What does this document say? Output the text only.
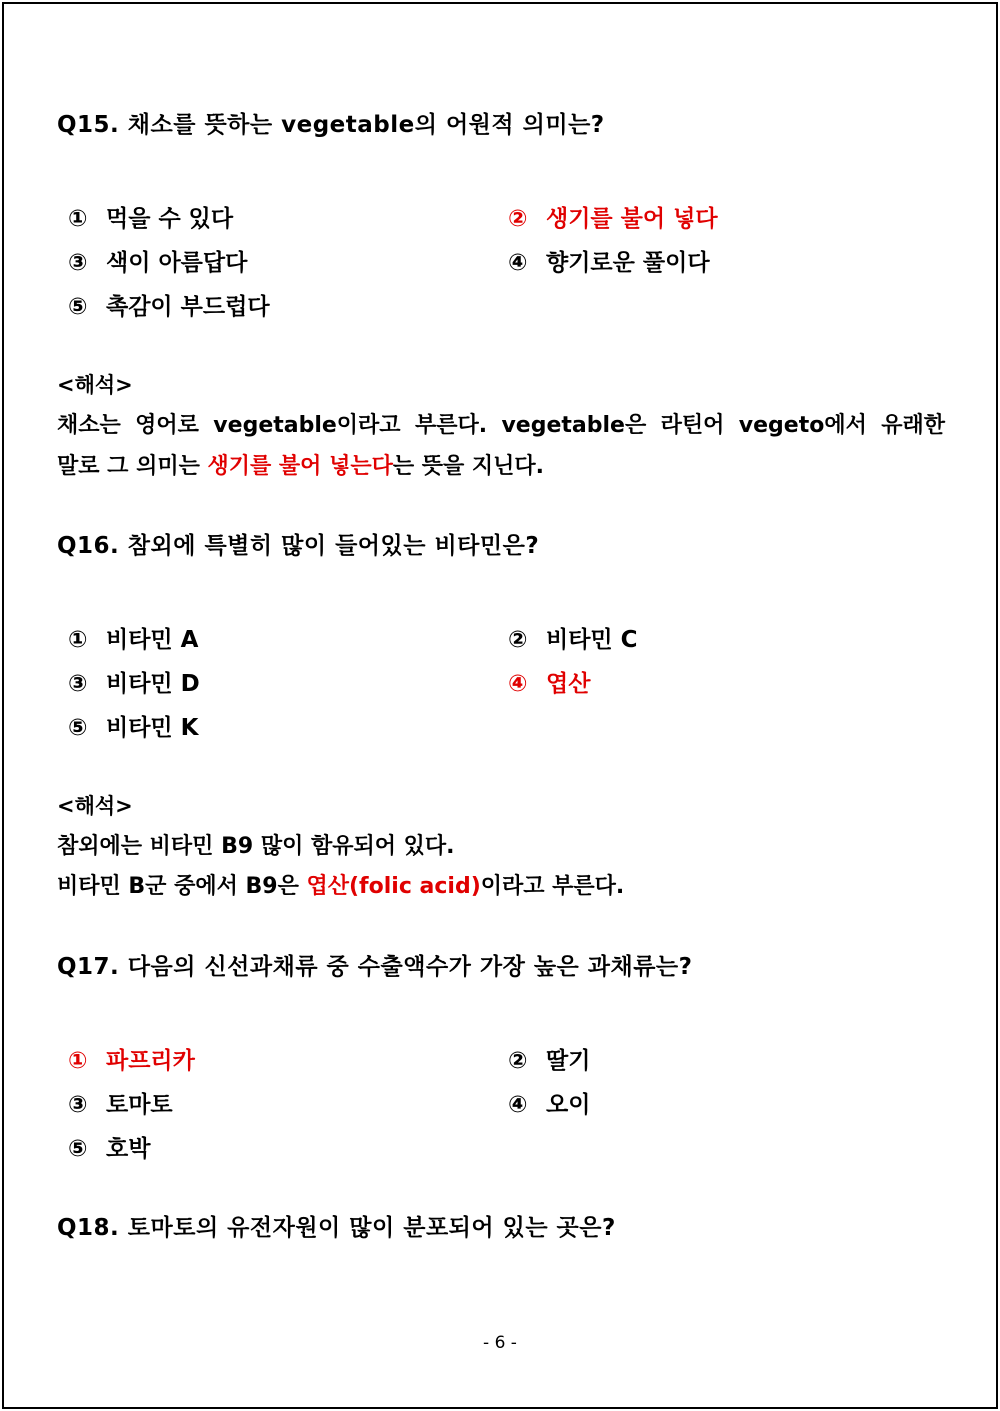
Q15. 채소를 뜻하는 vegetable의 어원적 의미는?
① 먹을 수 있다	② 생기를 불어 넣다
③ 색이 아름답다	④ 향기로운 풀이다
⑤ 촉감이 부드럽다
<해석>
채소는 영어로 vegetable이라고 부른다. vegetable은 라틴어 vegeto에서 유래한
말로 그 의미는 생기를 불어 넣는다는 뜻을 지닌다.
Q16. 참외에 특별히 많이 들어있는 비타민은?
① 비타민 A	② 비타민 C
③ 비타민 D	④ 엽산
⑤ 비타민 K
<해석>
참외에는 비타민 B9 많이 함유되어 있다.
비타민 B군 중에서 B9은 엽산(folic acid)이라고 부른다.
Q17. 다음의 신선과채류 중 수출액수가 가장 높은 과채류는?
① 파프리카	② 딸기
③ 토마토	④ 오이
⑤ 호박
Q18. 토마토의 유전자원이 많이 분포되어 있는 곳은?
- 6 -
